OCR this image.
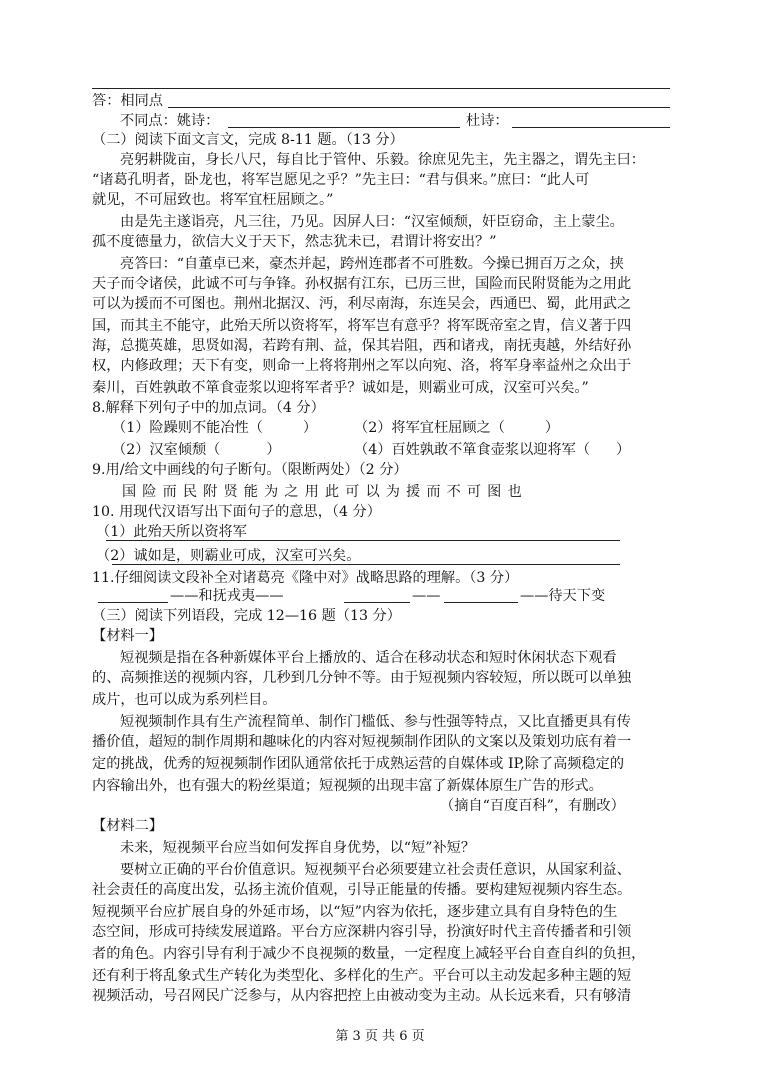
答：相同点
不同点：姚诗：	杜诗：
（二）阅读下面文言文，完成 8-11 题。（13 分）
亮躬耕陇亩，身长八尺，每自比于管仲、乐毅。徐庶见先主，先主器之，谓先主曰：
“诸葛孔明者，卧龙也，将军岂愿见之乎？”先主曰：“君与俱来。”庶曰：“此人可
就见，不可屈致也。将军宜枉屈顾之。”
由是先主遂诣亮，凡三往，乃见。因屏人曰：“汉室倾颓，奸臣窃命，主上蒙尘。
孤不度德量力，欲信大义于天下，然志犹未已，君谓计将安出？”
亮答曰：“自董卓已来，豪杰并起，跨州连郡者不可胜数。今操已拥百万之众，挟
天子而令诸侯，此诚不可与争锋。孙权据有江东，已历三世，国险而民附贤能为之用此
可以为援而不可图也。荆州北据汉、沔，利尽南海，东连吴会，西通巴、蜀，此用武之
国，而其主不能守，此殆天所以资将军，将军岂有意乎？将军既帝室之胄，信义著于四
海，总揽英雄，思贤如渴，若跨有荆、益，保其岩阻，西和诸戎，南抚夷越，外结好孙
权，内修政理；天下有变，则命一上将将荆州之军以向宛、洛，将军身率益州之众出于
秦川，百姓孰敢不箪食壶浆以迎将军者乎？诚如是，则霸业可成，汉室可兴矣。”
8.解释下列句子中的加点词。（4 分）
（1）险躁则不能冶性（	）	（2）将军宜枉屈顾之（	）
（2）汉室倾颓（	）	（4）百姓孰敢不箪食壶浆以迎将军（ ）
9.用/给文中画线的句子断句。（限断两处）（2 分）
国险而民附贤能为之用此可以为援而不可图也
10. 用现代汉语写出下面句子的意思，（4 分）
（1）此殆天所以资将军
（2）诚如是，则霸业可成，汉室可兴矣。
11.仔细阅读文段补全对诸葛亮《隆中对》战略思路的理解。（3 分）
——和抚戎夷——	——	——待天下变
（三）阅读下列语段，完成 12—16 题（13 分）
【材料一】
短视频是指在各种新媒体平台上播放的、适合在移动状态和短时休闲状态下观看
的、高频推送的视频内容，几秒到几分钟不等。由于短视频内容较短，所以既可以单独
成片，也可以成为系列栏目。
短视频制作具有生产流程简单、制作门槛低、参与性强等特点，又比直播更具有传
播价值，超短的制作周期和趣味化的内容对短视频制作团队的文案以及策划功底有着一
定的挑战，优秀的短视频制作团队通常依托于成熟运营的自媒体或 IP,除了高频稳定的
内容输出外，也有强大的粉丝渠道；短视频的出现丰富了新媒体原生广告的形式。
（摘自“百度百科”，有删改）
【材料二】
未来，短视频平台应当如何发挥自身优势，以“短”补短？
要树立正确的平台价值意识。短视频平台必须要建立社会责任意识，从国家利益、
社会责任的高度出发，弘扬主流价值观，引导正能量的传播。要构建短视频内容生态。
短视频平台应扩展自身的外延市场，以“短”内容为依托，逐步建立具有自身特色的生
态空间，形成可持续发展道路。平台方应深耕内容引导，扮演好时代主音传播者和引领
者的角色。内容引导有利于减少不良视频的数量，一定程度上减轻平台自查自纠的负担，
还有利于将乱象式生产转化为类型化、多样化的生产。平台可以主动发起多种主题的短
视频活动，号召网民广泛参与，从内容把控上由被动变为主动。从长远来看，只有够清
第 3 页 共 6 页
